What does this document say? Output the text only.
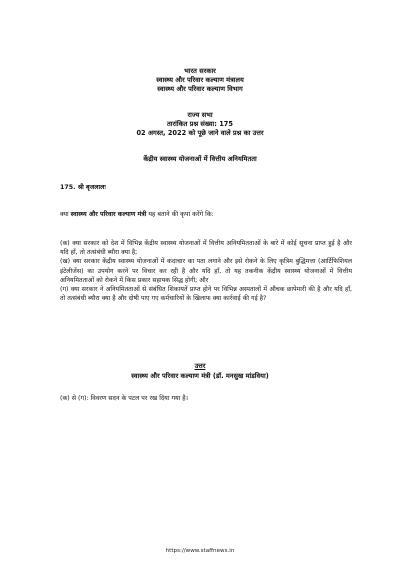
भारत सरकार
स्वास्थ्य और परिवार कल्याण मंत्रालय
स्वास्थ्य और परिवार कल्याण विभाग
राज्य सभा
तारांकित प्रश्न संख्या: 175
02 अगस्त, 2022 को पूछे जाने वाले प्रश्न का उत्तर
केंद्रीय स्वास्थ्य योजनाओं में वित्तीय अनियमितता
175. श्री बृजलालः
क्या स्वास्थ्य और परिवार कल्याण मंत्री यह बताने की कृपा करेंगे कि:
(क) क्या सरकार को देश में विभिन्न केंद्रीय स्वास्थ्य योजनाओं में वित्तीय अनियमितताओं के बारे में कोई सूचना प्राप्त हुई है और यदि हाँ, तो तत्संबंधी ब्यौरा क्या है;
(ख) क्या सरकार केंद्रीय स्वास्थ्य योजनाओं में कदाचार का पता लगाने और इसे रोकने के लिए कृत्रिम बुद्धिमत्ता (आर्टिफिशियल इंटेलीजेंस) का उपयोग करने पर विचार कर रही है और यदि हाँ, तो यह तकनीक केंद्रीय स्वास्थ्य योजनाओं में वित्तीय अनियमितताओं को रोकने में किस प्रकार सहायक सिद्ध होगी; और
(ग) क्या सरकार ने अनियमितताओं से संबंधित शिकायतें प्राप्त होने पर विभिन्न अस्पतालों में औचक छापेमारी की है और यदि हाँ, तो तत्संबंधी ब्यौरा क्या है और दोषी पाए गए कर्मचारियों के खिलाफ क्या कार्रवाई की गई है?
उत्तर
स्वास्थ्य और परिवार कल्याण मंत्री (डॉ. मनसुख मांडविया)
(क) से (ग): विवरण सदन के पटल पर रख दिया गया है।
https://www.staffnews.in
